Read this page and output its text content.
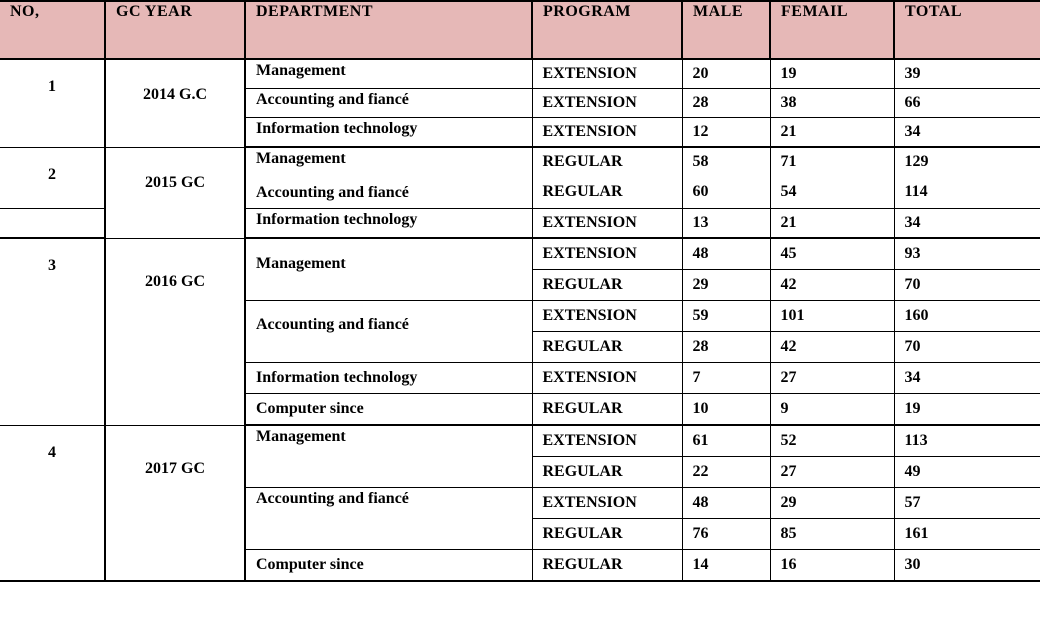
NO,	GC YEAR	DEPARTMENT	PROGRAM	MALE	FEMAIL	TOTAL
1	2014 G.C	Management	EXTENSION	20	19	39
		Accounting and fiancé	EXTENSION	28	38	66
		Information technology	EXTENSION	12	21	34
2	2015 GC	Management	REGULAR	58	71	129
		Accounting and fiancé	REGULAR	60	54	114
		Information technology	EXTENSION	13	21	34
3	2016 GC	Management	EXTENSION	48	45	93
			REGULAR	29	42	70
		Accounting and fiancé	EXTENSION	59	101	160
			REGULAR	28	42	70
		Information technology	EXTENSION	7	27	34
		Computer since	REGULAR	10	9	19
4	2017 GC	Management	EXTENSION	61	52	113
			REGULAR	22	27	49
		Accounting and fiancé	EXTENSION	48	29	57
			REGULAR	76	85	161
		Computer since	REGULAR	14	16	30
